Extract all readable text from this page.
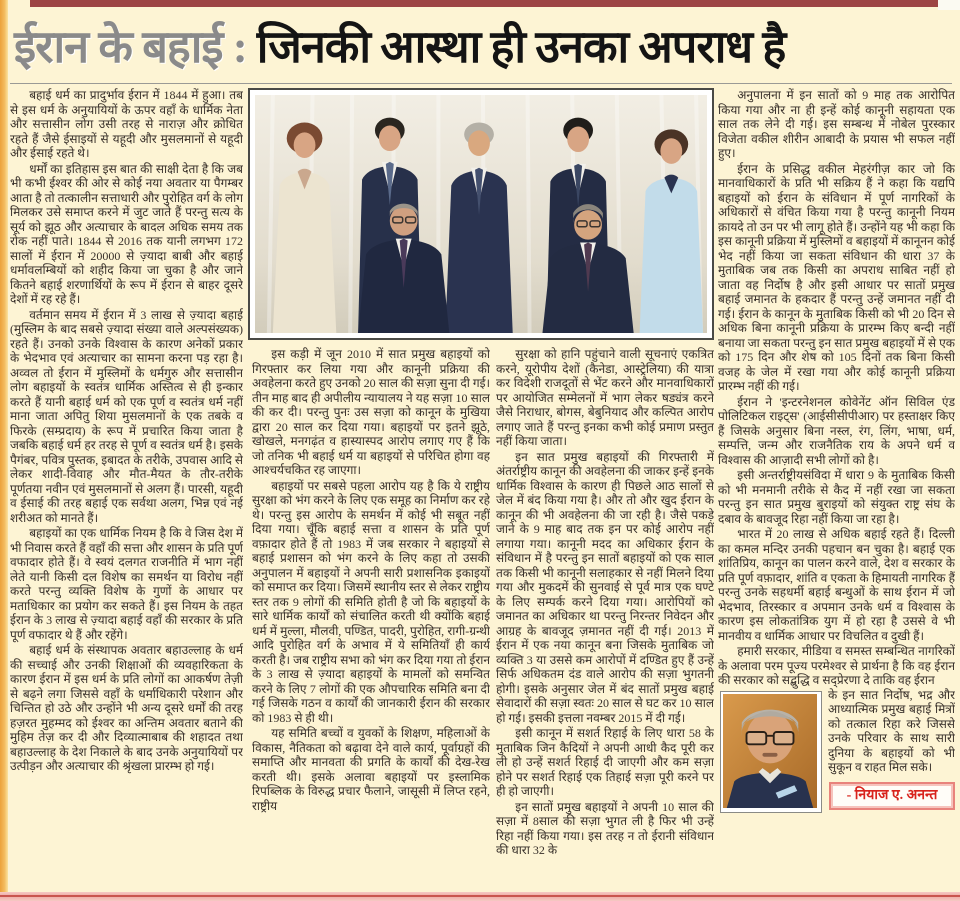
ईरान के बहाई : जिनकी आस्था ही उनका अपराध है

बहाई धर्म का प्रादुर्भाव ईरान में 1844 में हुआ। तब से इस धर्म के अनुयायियों के ऊपर वहाँ के धार्मिक नेता और सत्तासीन लोग उसी तरह से नाराज़ और क्रोधित रहते हैं जैसे ईसाइयों से यहूदी और मुसलमानों से यहूदी और ईसाई रहते थे।

धर्मों का इतिहास इस बात की साक्षी देता है कि जब भी कभी ईश्वर की ओर से कोई नया अवतार या पैगम्बर आता है तो तत्कालीन सत्ताधारी और पुरोहित वर्ग के लोग मिलकर उसे समाप्त करने में जुट जाते हैं परन्तु सत्य के सूर्य को झूठ और अत्याचार के बादल अधिक समय तक रोक नहीं पाते। 1844 से 2016 तक यानी लगभग 172 सालों में ईरान में 20000 से ज़्यादा बाबी और बहाई धर्मावलम्बियों को शहीद किया जा चुका है और जाने कितने बहाई शरणार्थियों के रूप में ईरान से बाहर दूसरे देशों में रह रहे हैं।

वर्तमान समय में ईरान में 3 लाख से ज़्यादा बहाई (मुस्लिम के बाद सबसे ज़्यादा संख्या वाले अल्पसंख्यक) रहते हैं। उनको उनके विश्वास के कारण अनेकों प्रकार के भेदभाव एवं अत्याचार का सामना करना पड़ रहा है। अव्वल तो ईरान में मुस्लिमों के धर्मगुरु और सत्तासीन लोग बहाइयों के स्वतंत्र धार्मिक अस्तित्व से ही इन्कार करते हैं यानी बहाई धर्म को एक पूर्ण व स्वतंत्र धर्म नहीं माना जाता अपितु शिया मुसलमानों के एक तबके व फिरके (सम्प्रदाय) के रूप में प्रचारित किया जाता है जबकि बहाई धर्म हर तरह से पूर्ण व स्वतंत्र धर्म है। इसके पैगंबर, पवित्र पुस्तक, इबादत के तरीके, उपवास आदि से लेकर शादी-विवाह और मौत-मैयत के तौर-तरीके पूर्णतया नवीन एवं मुसलमानों से अलग हैं। पारसी, यहूदी व ईसाई की तरह बहाई एक सर्वथा अलग, भिन्न एवं नई शरीअत को मानते हैं।

बहाइयों का एक धार्मिक नियम है कि वे जिस देश में भी निवास करते हैं वहाँ की सत्ता और शासन के प्रति पूर्ण वफादार होते हैं। वे स्वयं दलगत राजनीति में भाग नहीं लेते यानी किसी दल विशेष का समर्थन या विरोध नहीं करते परन्तु व्यक्ति विशेष के गुणों के आधार पर मताधिकार का प्रयोग कर सकते हैं। इस नियम के तहत ईरान के 3 लाख से ज़्यादा बहाई वहाँ की सरकार के प्रति पूर्ण वफादार थे हैं और रहेंगे।

बहाई धर्म के संस्थापक अवतार बहाउल्लाह के धर्म की सच्चाई और उनकी शिक्षाओं की व्यवहारिकता के कारण ईरान में इस धर्म के प्रति लोगों का आकर्षण तेज़ी से बढ़ने लगा जिससे वहाँ के धर्माधिकारी परेशान और चिन्तित हो उठे और उन्होंने भी अन्य दूसरे धर्मों की तरह हज़रत मुहम्मद को ईश्वर का अन्तिम अवतार बताने की मुहिम तेज़ कर दी और दिव्यात्माबाब की शहादत तथा बहाउल्लाह के देश निकाले के बाद उनके अनुयायियों पर उत्पीड़न और अत्याचार की श्रृंखला प्रारम्भ हो गई।

इस कड़ी में जून 2010 में सात प्रमुख बहाइयों को गिरफ्तार कर लिया गया और कानूनी प्रक्रिया की अवहेलना करते हुए उनको 20 साल की सज़ा सुना दी गई। तीन माह बाद ही अपीलीय न्यायालय ने यह सज़ा 10 साल की कर दी। परन्तु पुनः उस सज़ा को कानून के मुखिया द्वारा 20 साल कर दिया गया। बहाइयों पर इतने झूठे, खोखले, मनगढ़ंत व हास्यास्पद आरोप लगाए गए हैं कि जो तनिक भी बहाई धर्म या बहाइयों से परिचित होगा वह आश्चर्यचकित रह जाएगा।

बहाइयों पर सबसे पहला आरोप यह है कि ये राष्ट्रीय सुरक्षा को भंग करने के लिए एक समूह का निर्माण कर रहे थे। परन्तु इस आरोप के समर्थन में कोई भी सबूत नहीं दिया गया। चूँकि बहाई सत्ता व शासन के प्रति पूर्ण वफ़ादार होते हैं तो 1983 में जब सरकार ने बहाइयों से बहाई प्रशासन को भंग करने के लिए कहा तो उसकी अनुपालन में बहाइयों ने अपनी सारी प्रशासनिक इकाइयों को समाप्त कर दिया। जिसमें स्थानीय स्तर से लेकर राष्ट्रीय स्तर तक 9 लोगों की समिति होती है जो कि बहाइयों के सारे धार्मिक कार्यों को संचालित करती थी क्योंकि बहाई धर्म में मुल्ला, मौलवी, पण्डित, पादरी, पुरोहित, रागी-ग्रन्थी आदि पुरोहित वर्ग के अभाव में ये समितियाँ ही कार्य करती है। जब राष्ट्रीय सभा को भंग कर दिया गया तो ईरान के 3 लाख से ज़्यादा बहाइयों के मामलों को समन्वित करने के लिए 7 लोगों की एक औपचारिक समिति बना दी गई जिसके गठन व कार्यों की जानकारी ईरान की सरकार को 1983 से ही थी।

यह समिति बच्चों व युवकों के शिक्षण, महिलाओं के विकास, नैतिकता को बढ़ावा देने वाले कार्य, पूर्वाग्रहों की समाप्ति और मानवता की प्रगति के कार्यों की देख-रेख करती थी। इसके अलावा बहाइयों पर इस्लामिक रिपब्लिक के विरुद्ध प्रचार फैलाने, जासूसी में लिप्त रहने, राष्ट्रीय

सुरक्षा को हानि पहुंचाने वाली सूचनाएं एकत्रित करने, यूरोपीय देशों (कैनेडा, आस्ट्रेलिया) की यात्रा कर विदेशी राजदूतों से भेंट करने और मानवाधिकारों पर आयोजित सम्मेलनों में भाग लेकर षड्यंत्र करने जैसे निराधार, बोगस, बेबुनियाद और कल्पित आरोप लगाए जाते हैं परन्तु इनका कभी कोई प्रमाण प्रस्तुत नहीं किया जाता।

इन सात प्रमुख बहाइयों की गिरफ्तारी में अंतर्राष्ट्रीय कानून की अवहेलना की जाकर इन्हें इनके धार्मिक विश्वास के कारण ही पिछले आठ सालों से जेल में बंद किया गया है। और तो और खुद ईरान के कानून की भी अवहेलना की जा रही है। जैसे पकड़े जाने के 9 माह बाद तक इन पर कोई आरोप नहीं लगाया गया। कानूनी मदद का अधिकार ईरान के संविधान में है परन्तु इन सातों बहाइयों को एक साल तक किसी भी कानूनी सलाहकार से नहीं मिलने दिया गया और मुकदमें की सुनवाई से पूर्व मात्र एक घण्टे के लिए सम्पर्क करने दिया गया। आरोपियों को जमानत का अधिकार था परन्तु निरन्तर निवेदन और आग्रह के बावजूद ज़मानत नहीं दी गई। 2013 में ईरान में एक नया कानून बना जिसके मुताबिक जो व्यक्ति 3 या उससे कम आरोपों में दण्डित हुए हैं उन्हें सिर्फ अधिकतम दंड वाले आरोप की सज़ा भुगतनी होगी। इसके अनुसार जेल में बंद सातों प्रमुख बहाई सेवादारों की सज़ा स्वतः 20 साल से घट कर 10 साल हो गई। इसकी इत्तला नवम्बर 2015 में दी गई।

इसी कानून में सशर्त रिहाई के लिए धारा 58 के मुताबिक जिन कैदियों ने अपनी आधी कैद पूरी कर ली हो उन्हें सशर्त रिहाई दी जाएगी और कम सज़ा होने पर सशर्त रिहाई एक तिहाई सज़ा पूरी करने पर ही हो जाएगी।

इन सातों प्रमुख बहाइयों ने अपनी 10 साल की सज़ा में 8साल की सज़ा भुगत ली है फिर भी उन्हें रिहा नहीं किया गया। इस तरह न तो ईरानी संविधान की धारा 32 के

अनुपालना में इन सातों को 9 माह तक आरोपित किया गया और ना ही इन्हें कोई कानूनी सहायता एक साल तक लेने दी गई। इस सम्बन्ध में नोबेल पुरस्कार विजेता वकील शीरीन आबादी के प्रयास भी सफल नहीं हुए।

ईरान के प्रसिद्ध वकील मेहरंगीज़ कार जो कि मानवाधिकारों के प्रति भी सक्रिय हैं ने कहा कि यद्यपि बहाइयों को ईरान के संविधान में पूर्ण नागरिकों के अधिकारों से वंचित किया गया है परन्तु कानूनी नियम क़ायदे तो उन पर भी लागू होते हैं। उन्होंने यह भी कहा कि इस कानूनी प्रक्रिया में मुस्लिमों व बहाइयों में कानूनन कोई भेद नहीं किया जा सकता संविधान की धारा 37 के मुताबिक जब तक किसी का अपराध साबित नहीं हो जाता वह निर्दोष है और इसी आधार पर सातों प्रमुख बहाई जमानत के हकदार हैं परन्तु उन्हें जमानत नहीं दी गई। ईरान के कानून के मुताबिक किसी को भी 20 दिन से अधिक बिना कानूनी प्रक्रिया के प्रारम्भ किए बन्दी नहीं बनाया जा सकता परन्तु इन सात प्रमुख बहाइयों में से एक को 175 दिन और शेष को 105 दिनों तक बिना किसी वजह के जेल में रखा गया और कोई कानूनी प्रक्रिया प्रारम्भ नहीं की गई।

ईरान ने 'इन्टरनेशनल कोवेनेंट ऑन सिविल एंड पोलिटिकल राइट्स' (आईसीसीपीआर) पर हस्ताक्षर किए हैं जिसके अनुसार बिना नस्ल, रंग, लिंग, भाषा, धर्म, सम्पत्ति, जन्म और राजनैतिक राय के अपने धर्म व विश्वास की आज़ादी सभी लोगों को है।

इसी अन्तर्राष्ट्रीयसंविदा में धारा 9 के मुताबिक किसी को भी मनमानी तरीके से कैद में नहीं रखा जा सकता परन्तु इन सात प्रमुख बुराइयों को संयुक्त राष्ट्र संघ के दबाव के बावजूद रिहा नहीं किया जा रहा है।

भारत में 20 लाख से अधिक बहाई रहते हैं। दिल्ली का कमल मन्दिर उनकी पहचान बन चुका है। बहाई एक शांतिप्रिय, कानून का पालन करने वाले, देश व सरकार के प्रति पूर्ण वफ़ादार, शांति व एकता के हिमायती नागरिक हैं परन्तु उनके सहधर्मी बहाई बन्धुओं के साथ ईरान में जो भेदभाव, तिरस्कार व अपमान उनके धर्म व विश्वास के कारण इस लोकतांत्रिक युग में हो रहा है उससे वे भी मानवीय व धार्मिक आधार पर विचलित व दुखी हैं।

हमारी सरकार, मीडिया व समस्त सम्बन्धित नागरिकों के अलावा परम पूज्य परमेश्वर से प्रार्थना है कि वह ईरान की सरकार को सद्बुद्धि व सद्प्रेरणा दे ताकि वह ईरान

के इन सात निर्दोष, भद्र और आध्यात्मिक प्रमुख बहाई मित्रों को तत्काल रिहा करे जिससे उनके परिवार के साथ सारी दुनिया के बहाइयों को भी सुकून व राहत मिल सके।

- नियाज ए. अनन्त
